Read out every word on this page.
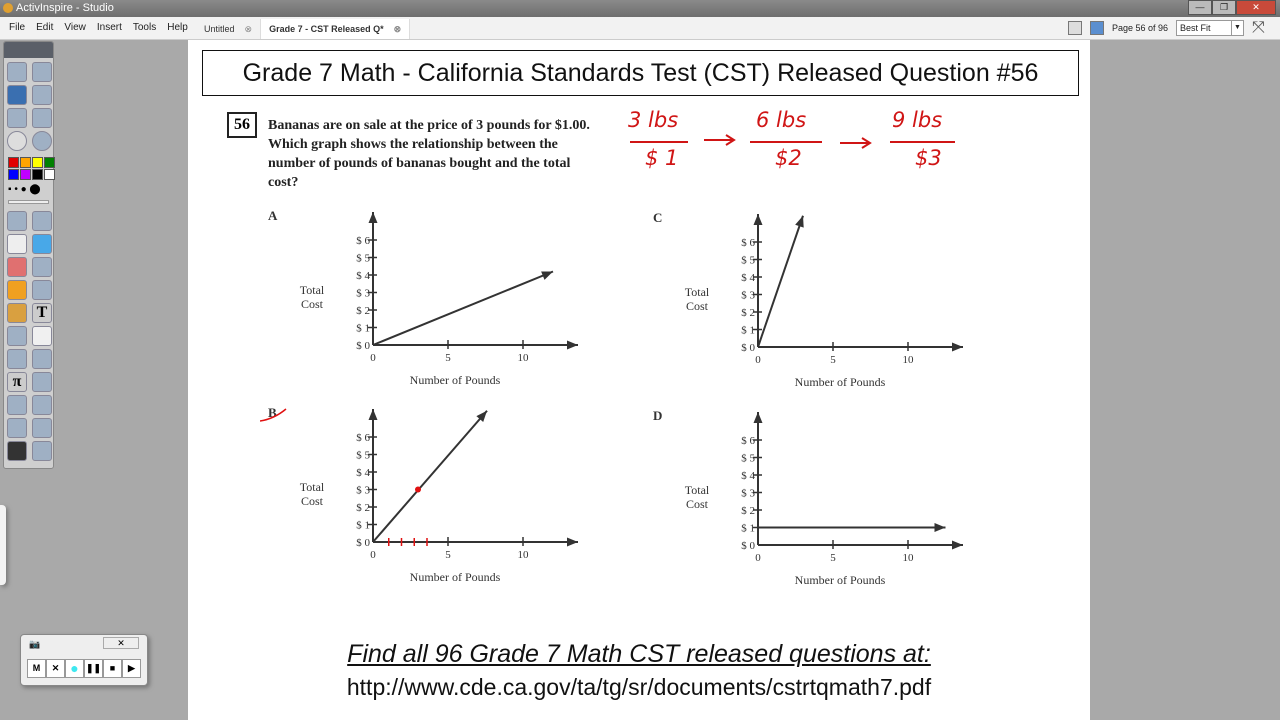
ActivInspire - Studio	—	❐	✕
File Edit View Insert Tools Help Untitled ⊗ Grade 7 - CST Released Q* ⊗	Page 56 of 96	Best Fit	▼ ⤧
▪ • ● ⬤
T
π
📷	✕
M	✕ ● ❚❚ ■	▶
Grade 7 Math - California Standards Test (CST) Released Question #56
56	Bananas are on sale at the price of 3 pounds for $1.00. Which graph shows the relationship between the number of pounds of bananas bought and the total cost?
3 lbs
$ 1
6 lbs
$2
9 lbs
$3
A
Total
Cost
Number of Pounds
$ 0
$ 1
$ 2
$ 3
$ 4
$ 5
$ 6
0	5	10
B
Total
Cost
Number of Pounds
$ 0
$ 1
$ 2
$ 3
$ 4
$ 5
$ 6
0	5	10
C
Total
Cost
Number of Pounds
$ 0
$ 1
$ 2
$ 3
$ 4
$ 5
$ 6
0	5	10
D
Total
Cost
Number of Pounds
$ 0
$ 1
$ 2
$ 3
$ 4
$ 5
$ 6
0	5	10
Find all 96 Grade 7 Math CST released questions at:
http://www.cde.ca.gov/ta/tg/sr/documents/cstrtqmath7.pdf
